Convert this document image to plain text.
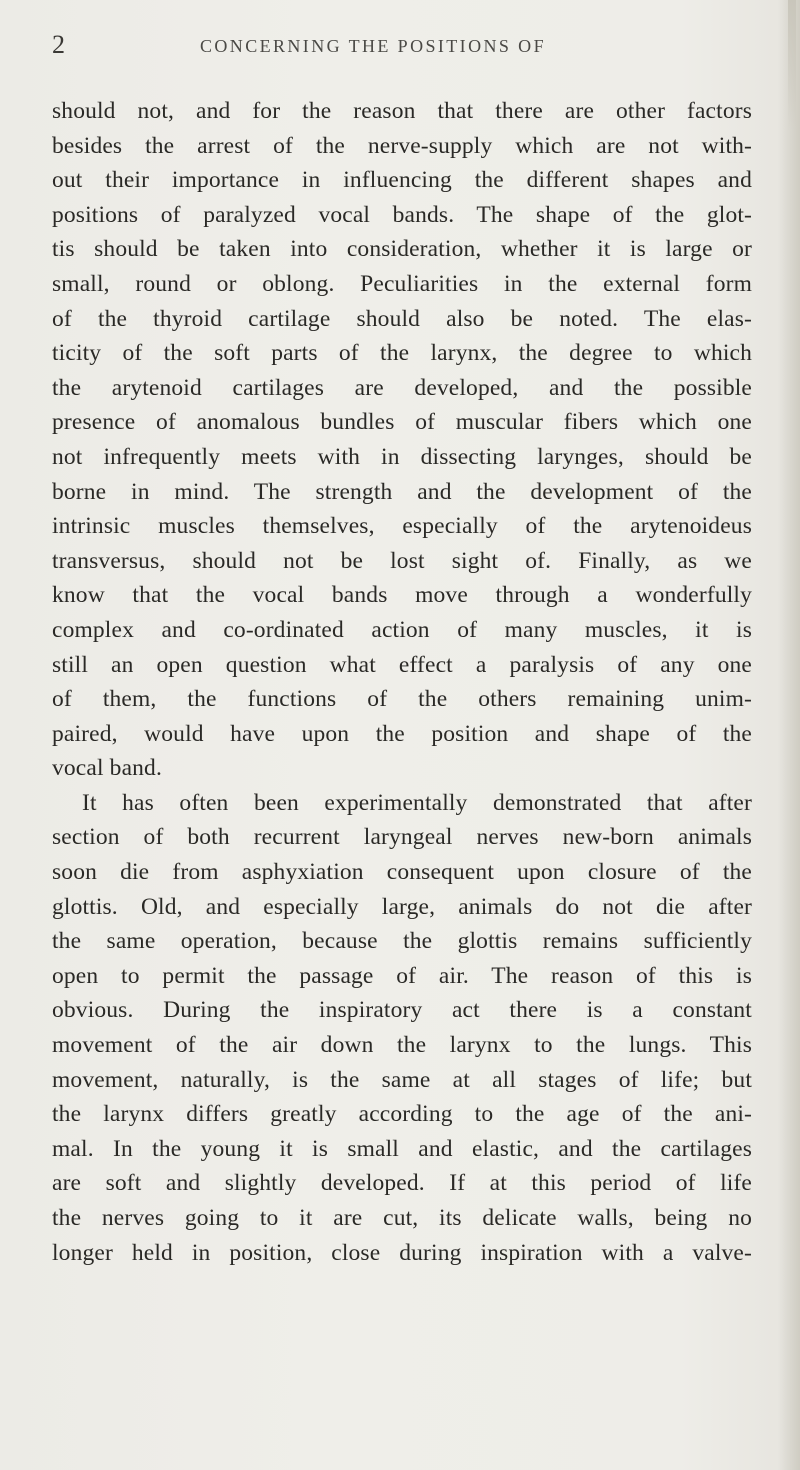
2	CONCERNING THE POSITIONS OF
should not, and for the reason that there are other factors
besides the arrest of the nerve-supply which are not with-
out their importance in influencing the different shapes and
positions of paralyzed vocal bands. The shape of the glot-
tis should be taken into consideration, whether it is large or
small, round or oblong. Peculiarities in the external form
of the thyroid cartilage should also be noted. The elas-
ticity of the soft parts of the larynx, the degree to which
the arytenoid cartilages are developed, and the possible
presence of anomalous bundles of muscular fibers which one
not infrequently meets with in dissecting larynges, should be
borne in mind. The strength and the development of the
intrinsic muscles themselves, especially of the arytenoideus
transversus, should not be lost sight of. Finally, as we
know that the vocal bands move through a wonderfully
complex and co-ordinated action of many muscles, it is
still an open question what effect a paralysis of any one
of them, the functions of the others remaining unim-
paired, would have upon the position and shape of the
vocal band.
It has often been experimentally demonstrated that after
section of both recurrent laryngeal nerves new-born animals
soon die from asphyxiation consequent upon closure of the
glottis. Old, and especially large, animals do not die after
the same operation, because the glottis remains sufficiently
open to permit the passage of air. The reason of this is
obvious. During the inspiratory act there is a constant
movement of the air down the larynx to the lungs. This
movement, naturally, is the same at all stages of life; but
the larynx differs greatly according to the age of the ani-
mal. In the young it is small and elastic, and the cartilages
are soft and slightly developed. If at this period of life
the nerves going to it are cut, its delicate walls, being no
longer held in position, close during inspiration with a valve-
